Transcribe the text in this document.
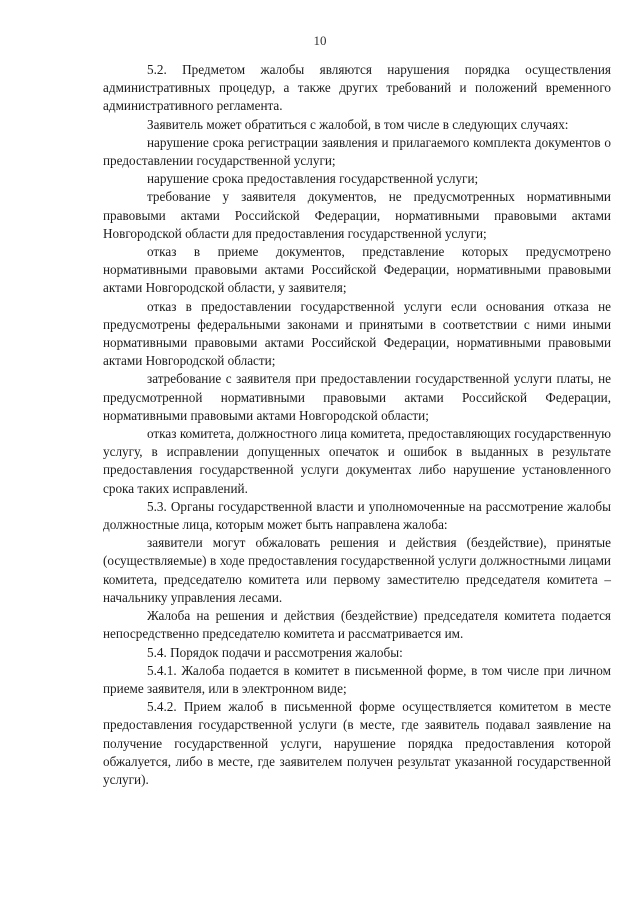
10

5.2. Предметом жалобы являются нарушения порядка осуществления административных процедур, а также других требований и положений временного административного регламента.

Заявитель может обратиться с жалобой, в том числе в следующих случаях:

нарушение срока регистрации заявления и прилагаемого комплекта документов о предоставлении государственной услуги;

нарушение срока предоставления государственной услуги;

требование у заявителя документов, не предусмотренных нормативными правовыми актами Российской Федерации, нормативными правовыми актами Новгородской области для предоставления государственной услуги;

отказ в приеме документов, представление которых предусмотрено нормативными правовыми актами Российской Федерации, нормативными правовыми актами Новгородской области, у заявителя;

отказ в предоставлении государственной услуги если основания отказа не предусмотрены федеральными законами и принятыми в соответствии с ними иными нормативными правовыми актами Российской Федерации, нормативными правовыми актами Новгородской области;

затребование с заявителя при предоставлении государственной услуги платы, не предусмотренной нормативными правовыми актами Российской Федерации, нормативными правовыми актами Новгородской области;

отказ комитета, должностного лица комитета, предоставляющих государственную услугу, в исправлении допущенных опечаток и ошибок в выданных в результате предоставления государственной услуги документах либо нарушение установленного срока таких исправлений.

5.3. Органы государственной власти и уполномоченные на рассмотрение жалобы должностные лица, которым может быть направлена жалоба:

заявители могут обжаловать решения и действия (бездействие), принятые (осуществляемые) в ходе предоставления государственной услуги должностными лицами комитета, председателю комитета или первому заместителю председателя комитета – начальнику управления лесами.

Жалоба на решения и действия (бездействие) председателя комитета подается непосредственно председателю комитета и рассматривается им.

5.4. Порядок подачи и рассмотрения жалобы:

5.4.1. Жалоба подается в комитет в письменной форме, в том числе при личном приеме заявителя, или в электронном виде;

5.4.2. Прием жалоб в письменной форме осуществляется комитетом в месте предоставления государственной услуги (в месте, где заявитель подавал заявление на получение государственной услуги, нарушение порядка предоставления которой обжалуется, либо в месте, где заявителем получен результат указанной государственной услуги).
